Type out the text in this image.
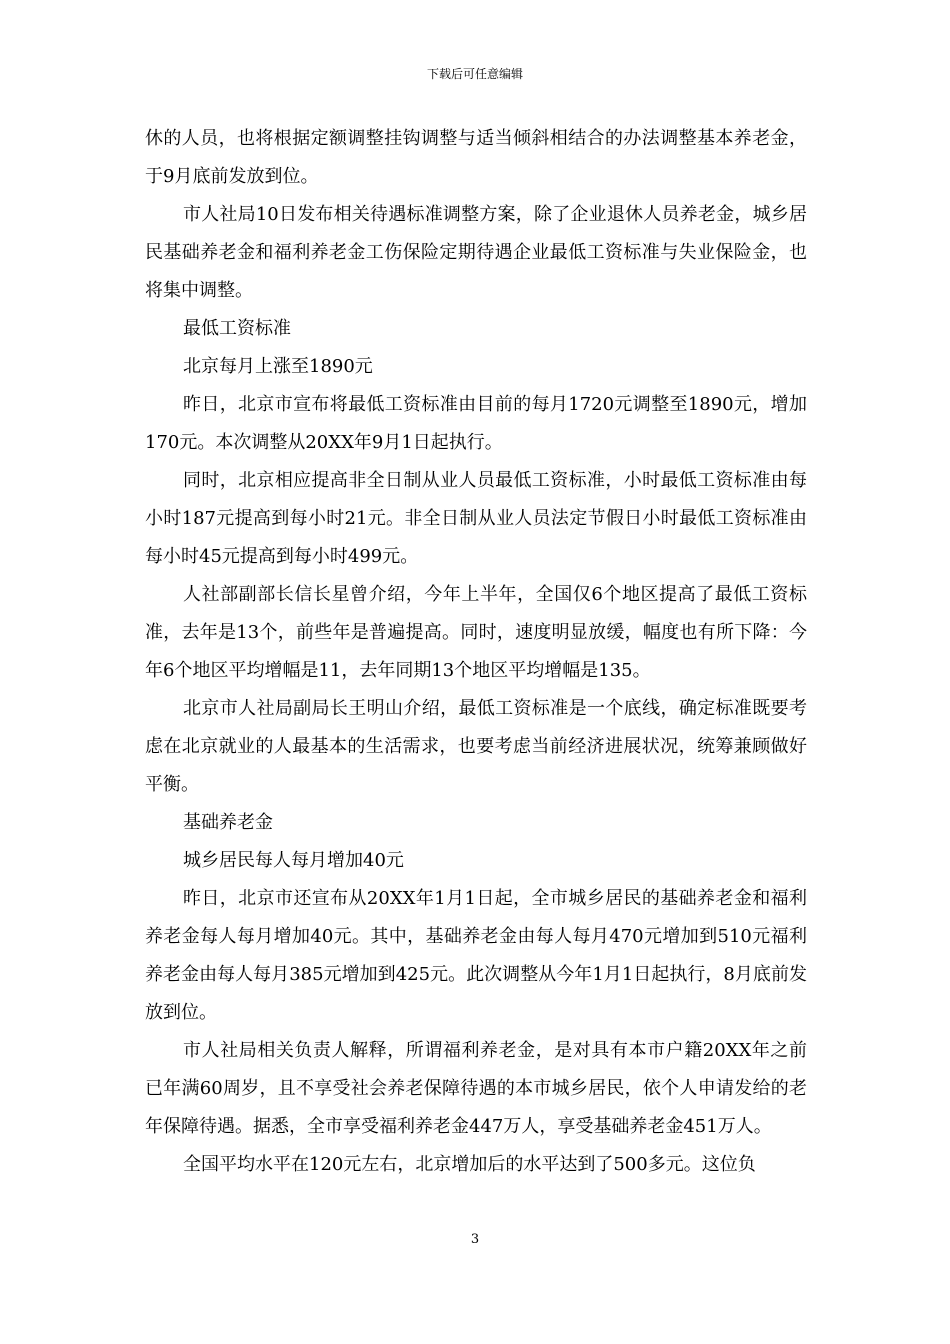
下载后可任意编辑

休的人员，也将根据定额调整挂钩调整与适当倾斜相结合的办法调整基本养老金，于9月底前发放到位。

市人社局10日发布相关待遇标准调整方案，除了企业退休人员养老金，城乡居民基础养老金和福利养老金工伤保险定期待遇企业最低工资标准与失业保险金，也将集中调整。

最低工资标准

北京每月上涨至1890元

昨日，北京市宣布将最低工资标准由目前的每月1720元调整至1890元，增加170元。本次调整从20XX年9月1日起执行。

同时，北京相应提高非全日制从业人员最低工资标准，小时最低工资标准由每小时187元提高到每小时21元。非全日制从业人员法定节假日小时最低工资标准由每小时45元提高到每小时499元。

人社部副部长信长星曾介绍，今年上半年，全国仅6个地区提高了最低工资标准，去年是13个，前些年是普遍提高。同时，速度明显放缓，幅度也有所下降：今年6个地区平均增幅是11，去年同期13个地区平均增幅是135。

北京市人社局副局长王明山介绍，最低工资标准是一个底线，确定标准既要考虑在北京就业的人最基本的生活需求，也要考虑当前经济进展状况，统筹兼顾做好平衡。

基础养老金

城乡居民每人每月增加40元

昨日，北京市还宣布从20XX年1月1日起，全市城乡居民的基础养老金和福利养老金每人每月增加40元。其中，基础养老金由每人每月470元增加到510元福利养老金由每人每月385元增加到425元。此次调整从今年1月1日起执行，8月底前发放到位。

市人社局相关负责人解释，所谓福利养老金，是对具有本市户籍20XX年之前已年满60周岁，且不享受社会养老保障待遇的本市城乡居民，依个人申请发给的老年保障待遇。据悉，全市享受福利养老金447万人，享受基础养老金451万人。

全国平均水平在120元左右，北京增加后的水平达到了500多元。这位负

3
